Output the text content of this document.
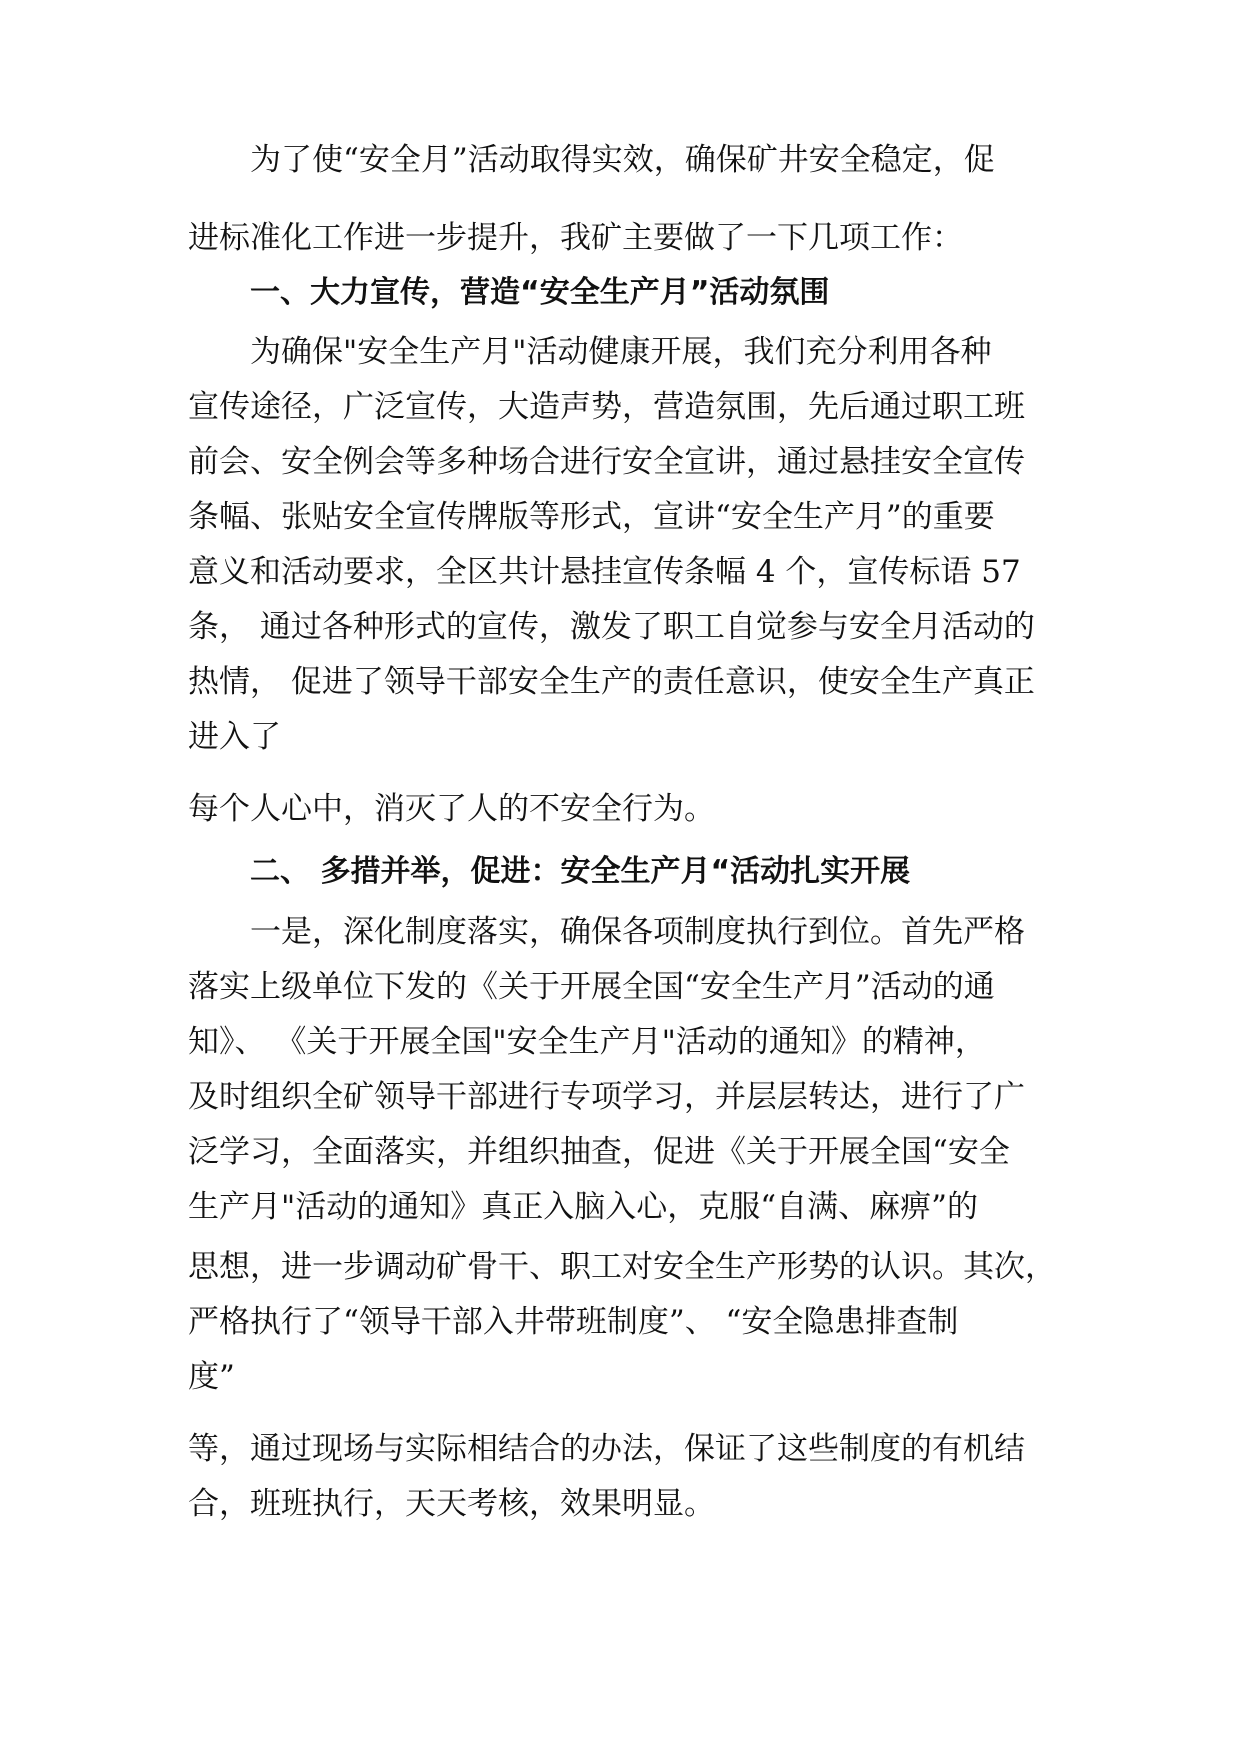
为了使“安全月”活动取得实效，确保矿井安全稳定，促
进标准化工作进一步提升，我矿主要做了一下几项工作：
一、大力宣传，营造“安全生产月”活动氛围
为确保"安全生产月"活动健康开展，我们充分利用各种
宣传途径，广泛宣传，大造声势，营造氛围，先后通过职工班
前会、安全例会等多种场合进行安全宣讲，通过悬挂安全宣传
条幅、张贴安全宣传牌版等形式，宣讲“安全生产月”的重要
意义和活动要求，全区共计悬挂宣传条幅 4 个，宣传标语 57
条， 通过各种形式的宣传，激发了职工自觉参与安全月活动的
热情， 促进了领导干部安全生产的责任意识，使安全生产真正
进入了
每个人心中，消灭了人的不安全行为。
二、 多措并举，促进：安全生产月“活动扎实开展
一是，深化制度落实，确保各项制度执行到位。首先严格
落实上级单位下发的《关于开展全国“安全生产月”活动的通
知》、 《关于开展全国"安全生产月"活动的通知》的精神，
及时组织全矿领导干部进行专项学习，并层层转达，进行了广
泛学习，全面落实，并组织抽查，促进《关于开展全国“安全
生产月"活动的通知》真正入脑入心，克服“自满、麻痹”的
思想，进一步调动矿骨干、职工对安全生产形势的认识。其次，
严格执行了“领导干部入井带班制度”、 “安全隐患排查制
度”
等，通过现场与实际相结合的办法，保证了这些制度的有机结
合，班班执行，天天考核，效果明显。
